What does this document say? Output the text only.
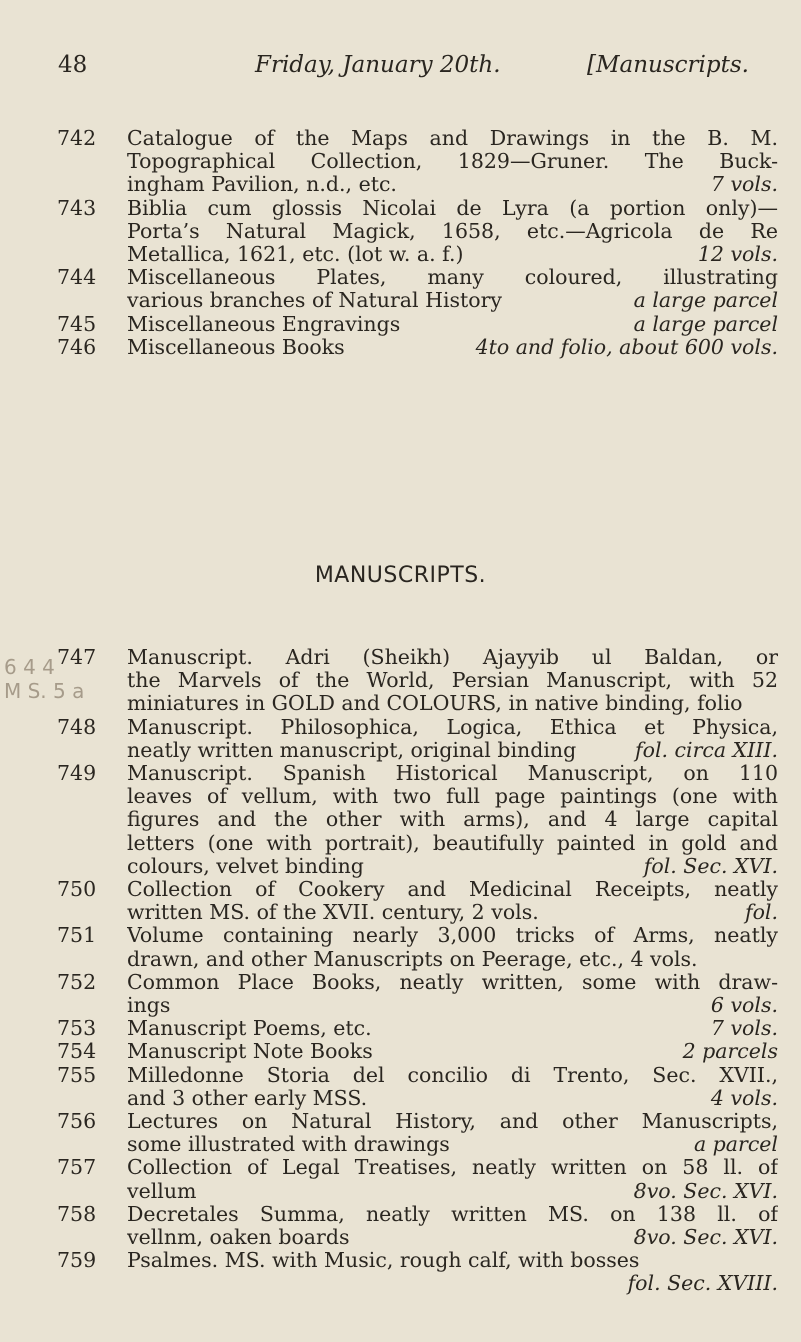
48	Friday, January 20th.	[Manuscripts.
6 4 4
M S. 5 a
742 Catalogue of the Maps and Drawings in the B. M.
Topographical Collection, 1829—Gruner. The Buck-
ingham Pavilion, n.d., etc.	7 vols.
743 Biblia cum glossis Nicolai de Lyra (a portion only)—
Porta’s Natural Magick, 1658, etc.—Agricola de Re
Metallica, 1621, etc. (lot w. a. f.)	12 vols.
744 Miscellaneous Plates, many coloured, illustrating
various branches of Natural History	a large parcel
745 Miscellaneous Engravings	a large parcel
746 Miscellaneous Books	4to and folio, about 600 vols.
MANUSCRIPTS.
747 Manuscript. Adri (Sheikh) Ajayyib ul Baldan, or
the Marvels of the World, Persian Manuscript, with 52
miniatures in GOLD and COLOURS, in native binding, folio
748 Manuscript. Philosophica, Logica, Ethica et Physica,
neatly written manuscript, original binding	fol. circa XIII.
749 Manuscript. Spanish Historical Manuscript, on 110
leaves of vellum, with two full page paintings (one with
figures and the other with arms), and 4 large capital
letters (one with portrait), beautifully painted in gold and
colours, velvet binding	fol. Sec. XVI.
750 Collection of Cookery and Medicinal Receipts, neatly
written MS. of the XVII. century, 2 vols.	fol.
751 Volume containing nearly 3,000 tricks of Arms, neatly
drawn, and other Manuscripts on Peerage, etc., 4 vols.
752 Common Place Books, neatly written, some with draw-
ings	6 vols.
753 Manuscript Poems, etc.	7 vols.
754 Manuscript Note Books	2 parcels
755 Milledonne Storia del concilio di Trento, Sec. XVII.,
and 3 other early MSS.	4 vols.
756 Lectures on Natural History, and other Manuscripts,
some illustrated with drawings	a parcel
757 Collection of Legal Treatises, neatly written on 58 ll. of
vellum	8vo. Sec. XVI.
758 Decretales Summa, neatly written MS. on 138 ll. of
vellnm, oaken boards	8vo. Sec. XVI.
759 Psalmes. MS. with Music, rough calf, with bosses
fol. Sec. XVIII.
